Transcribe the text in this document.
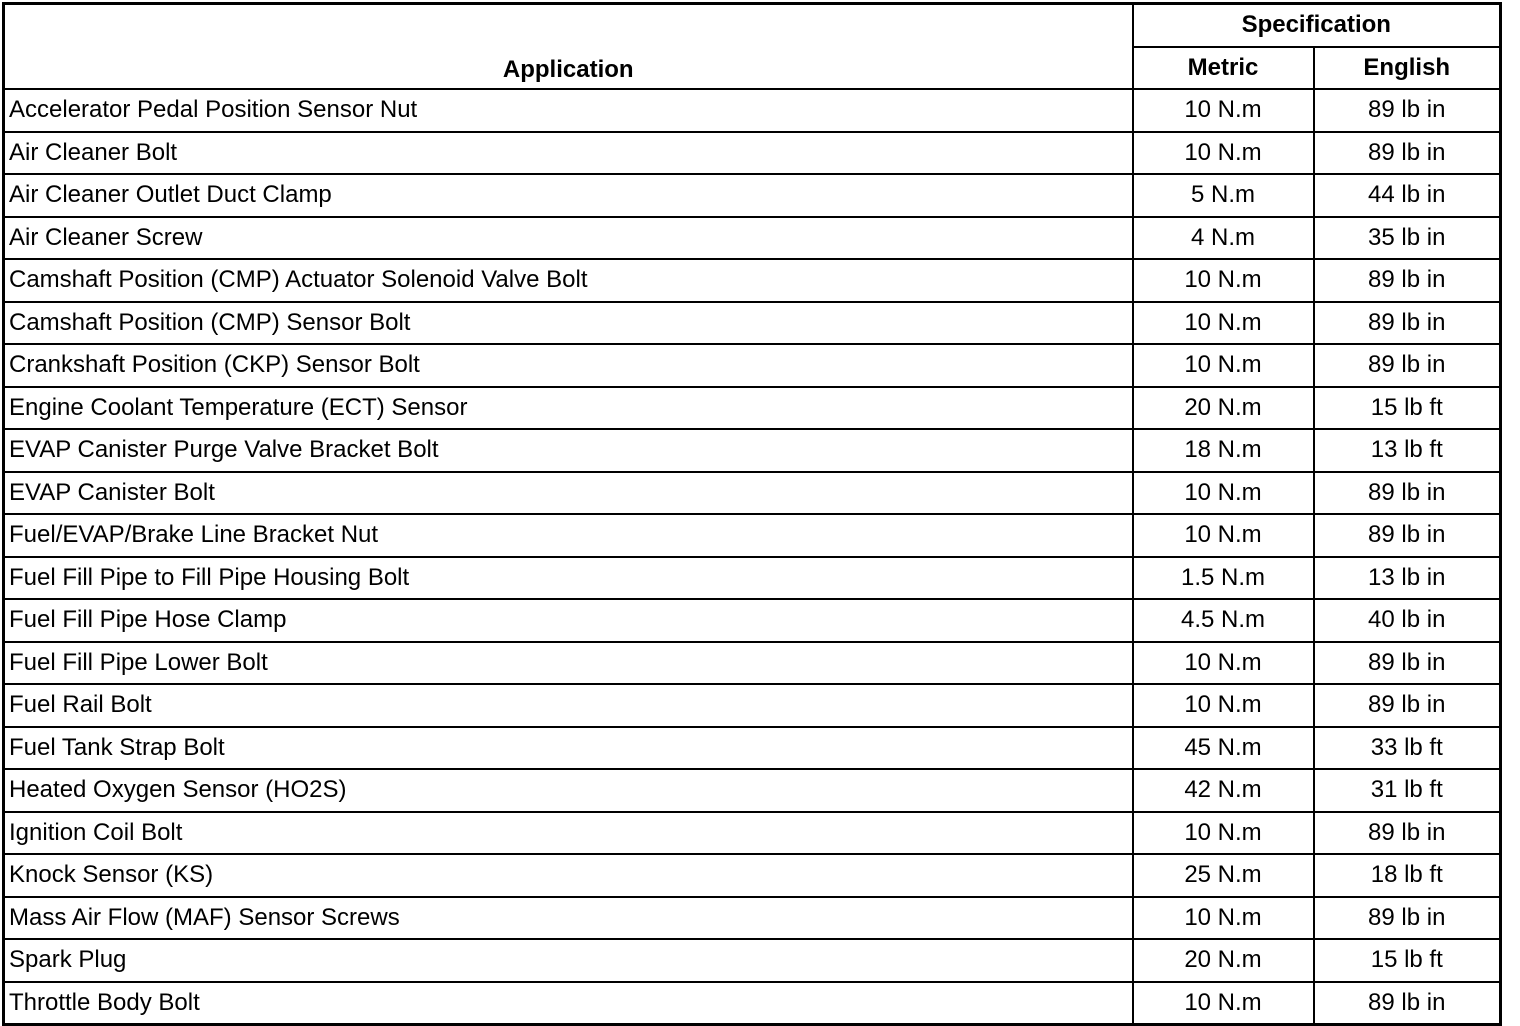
Application	Specification	
	Metric	English
Accelerator Pedal Position Sensor Nut	10 N.m	89 lb in
Air Cleaner Bolt	10 N.m	89 lb in
Air Cleaner Outlet Duct Clamp	5 N.m	44 lb in
Air Cleaner Screw	4 N.m	35 lb in
Camshaft Position (CMP) Actuator Solenoid Valve Bolt	10 N.m	89 lb in
Camshaft Position (CMP) Sensor Bolt	10 N.m	89 lb in
Crankshaft Position (CKP) Sensor Bolt	10 N.m	89 lb in
Engine Coolant Temperature (ECT) Sensor	20 N.m	15 lb ft
EVAP Canister Purge Valve Bracket Bolt	18 N.m	13 lb ft
EVAP Canister Bolt	10 N.m	89 lb in
Fuel/EVAP/Brake Line Bracket Nut	10 N.m	89 lb in
Fuel Fill Pipe to Fill Pipe Housing Bolt	1.5 N.m	13 lb in
Fuel Fill Pipe Hose Clamp	4.5 N.m	40 lb in
Fuel Fill Pipe Lower Bolt	10 N.m	89 lb in
Fuel Rail Bolt	10 N.m	89 lb in
Fuel Tank Strap Bolt	45 N.m	33 lb ft
Heated Oxygen Sensor (HO2S)	42 N.m	31 lb ft
Ignition Coil Bolt	10 N.m	89 lb in
Knock Sensor (KS)	25 N.m	18 lb ft
Mass Air Flow (MAF) Sensor Screws	10 N.m	89 lb in
Spark Plug	20 N.m	15 lb ft
Throttle Body Bolt	10 N.m	89 lb in
